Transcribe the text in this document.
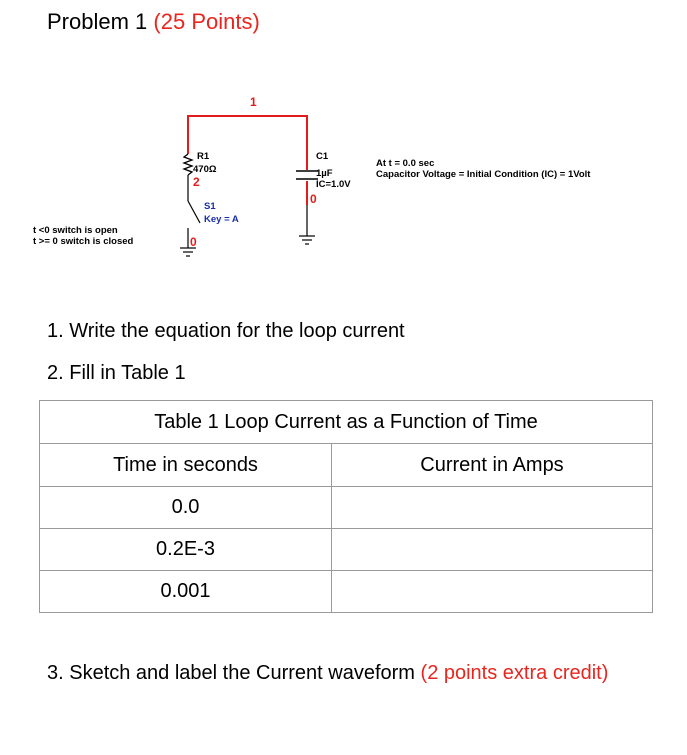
Problem 1 (25 Points)
1
R1
470Ω
2
S1
Key = A
0
C1
1µF
IC=1.0V
0
At t = 0.0 sec
Capacitor Voltage = Initial Condition (IC) = 1Volt
t <0 switch is open
t >= 0 switch is closed
1. Write the equation for the loop current
2. Fill in Table 1
Table 1 Loop Current as a Function of Time	
Time in seconds	Current in Amps
0.0	
0.2E-3	
0.001	
3. Sketch and label the Current waveform (2 points extra credit)
